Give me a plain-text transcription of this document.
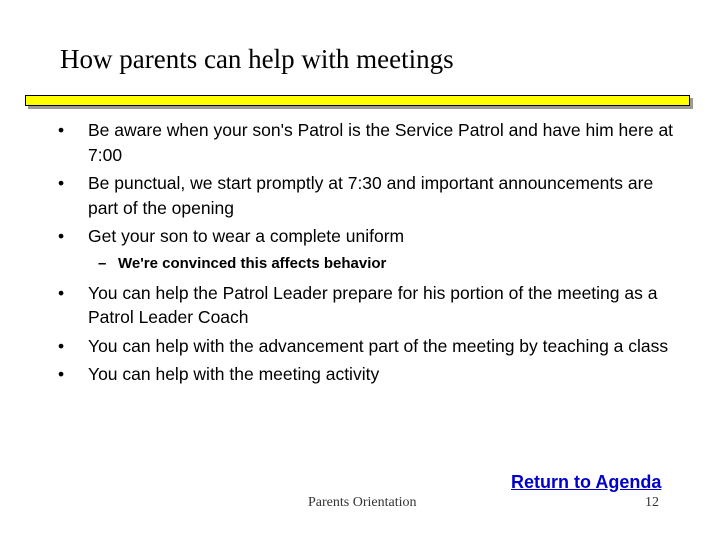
How parents can help with meetings
• Be aware when your son's Patrol is the Service Patrol and have him here at 7:00
• Be punctual, we start promptly at 7:30 and important announcements are part of the opening
• Get your son to wear a complete uniform
– We're convinced this affects behavior
• You can help the Patrol Leader prepare for his portion of the meeting as a Patrol Leader Coach
• You can help with the advancement part of the meeting by teaching a class
• You can help with the meeting activity
Return to Agenda
Parents Orientation	12
